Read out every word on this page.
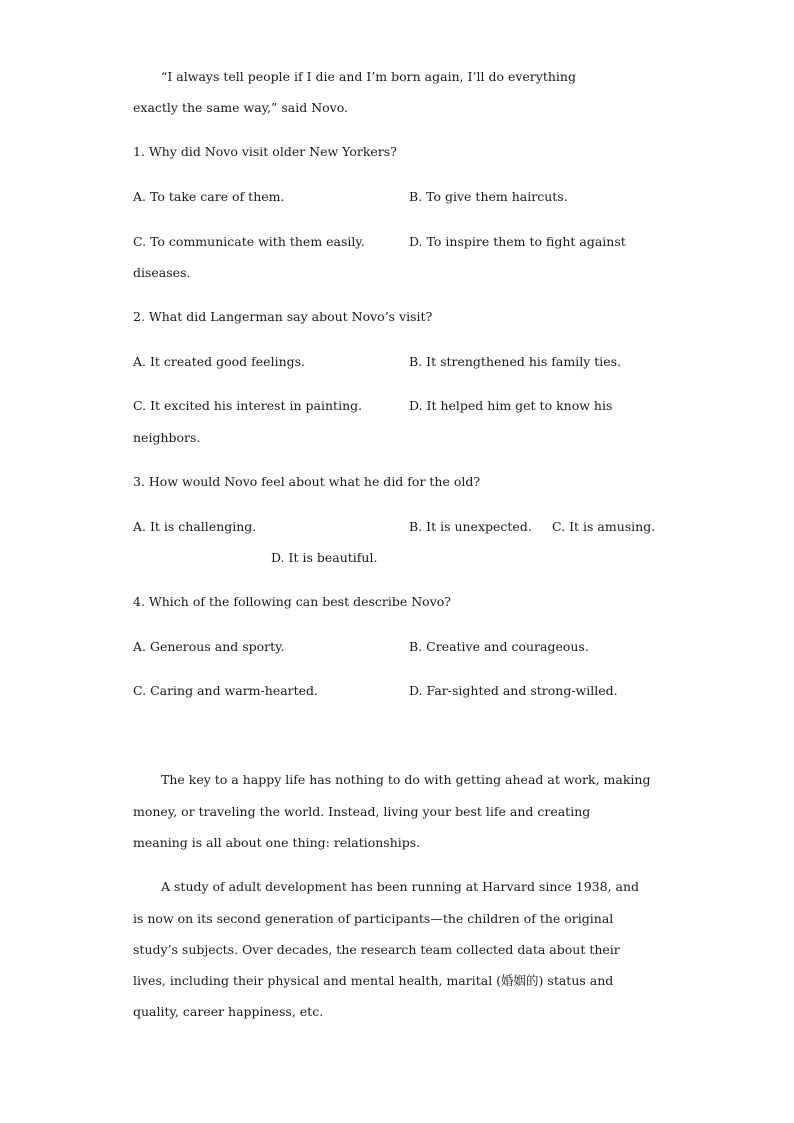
“I always tell people if I die and I’m born again, I’ll do everything
exactly the same way,” said Novo.
1. Why did Novo visit older New Yorkers?
A. To take care of them.	B. To give them haircuts.
C. To communicate with them easily.	D. To inspire them to fight against
diseases.
2. What did Langerman say about Novo’s visit?
A. It created good feelings.	B. It strengthened his family ties.
C. It excited his interest in painting.	D. It helped him get to know his
neighbors.
3. How would Novo feel about what he did for the old?
A. It is challenging.	B. It is unexpected. C. It is amusing.
D. It is beautiful.
4. Which of the following can best describe Novo?
A. Generous and sporty.	B. Creative and courageous.
C. Caring and warm-hearted.	D. Far-sighted and strong-willed.
The key to a happy life has nothing to do with getting ahead at work, making
money, or traveling the world. Instead, living your best life and creating
meaning is all about one thing: relationships.
A study of adult development has been running at Harvard since 1938, and
is now on its second generation of participants—the children of the original
study’s subjects. Over decades, the research team collected data about their
lives, including their physical and mental health, marital (婚姻的) status and
quality, career happiness, etc.
